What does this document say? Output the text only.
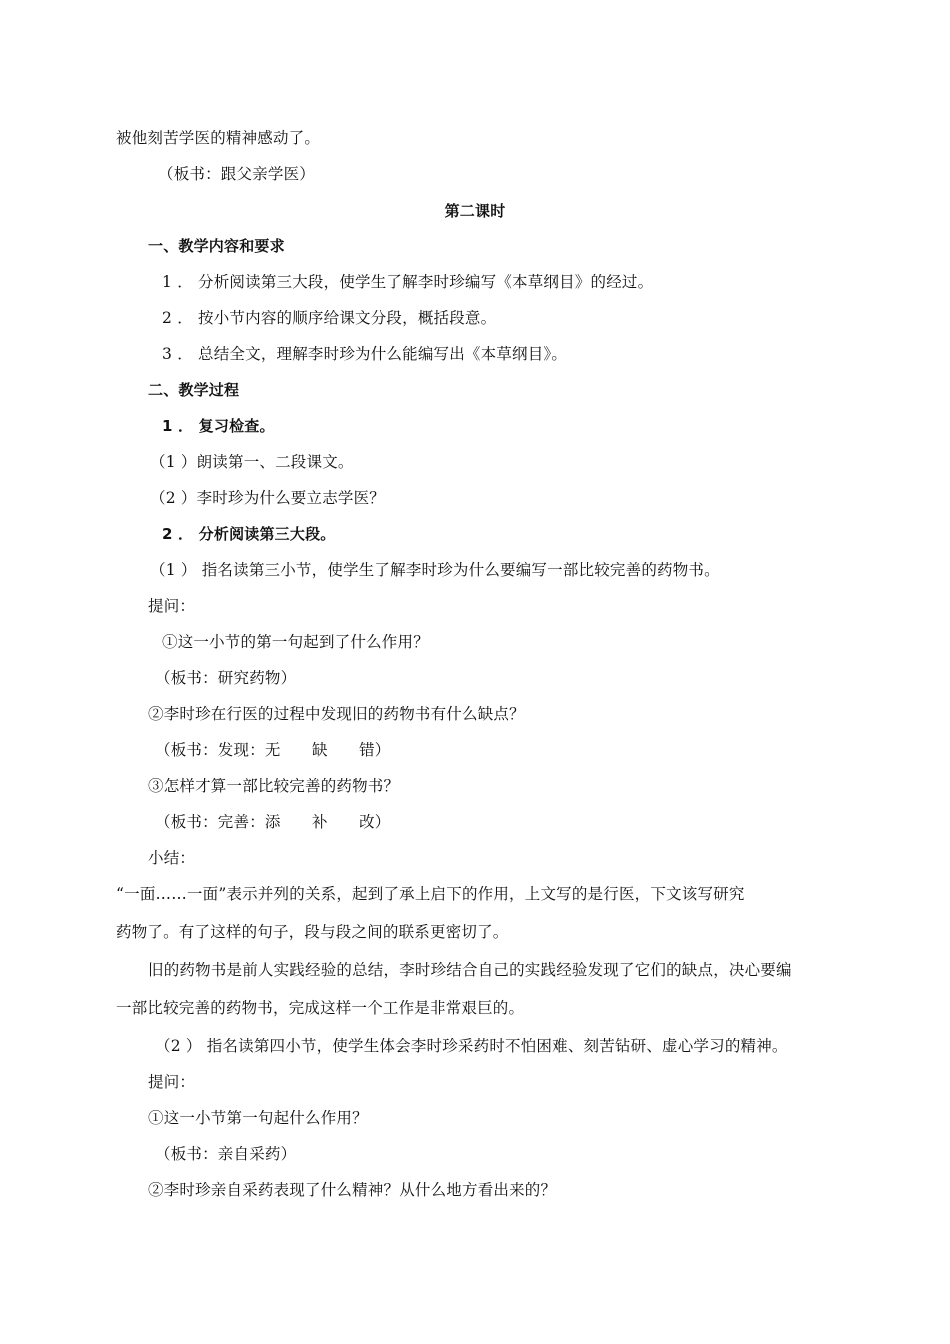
被他刻苦学医的精神感动了。
（板书：跟父亲学医）
第二课时
一、教学内容和要求
1 ． 分析阅读第三大段，使学生了解李时珍编写《本草纲目》的经过。
2 ． 按小节内容的顺序给课文分段，概括段意。
3 ． 总结全文，理解李时珍为什么能编写出《本草纲目》。
二、教学过程
1 ． 复习检查。
（1 ）朗读第一、二段课文。
（2 ）李时珍为什么要立志学医？
2 ． 分析阅读第三大段。
（1 ） 指名读第三小节，使学生了解李时珍为什么要编写一部比较完善的药物书。
提问：
①这一小节的第一句起到了什么作用？
（板书：研究药物）
②李时珍在行医的过程中发现旧的药物书有什么缺点？
（板书：发现：无　　缺　　错）
③怎样才算一部比较完善的药物书？
（板书：完善：添　　补　　改）
小结：
“一面……一面”表示并列的关系，起到了承上启下的作用，上文写的是行医，下文该写研究
药物了。有了这样的句子，段与段之间的联系更密切了。
旧的药物书是前人实践经验的总结，李时珍结合自己的实践经验发现了它们的缺点，决心要编
一部比较完善的药物书，完成这样一个工作是非常艰巨的。
（2 ） 指名读第四小节，使学生体会李时珍采药时不怕困难、刻苦钻研、虚心学习的精神。
提问：
①这一小节第一句起什么作用？
（板书：亲自采药）
②李时珍亲自采药表现了什么精神？从什么地方看出来的？
